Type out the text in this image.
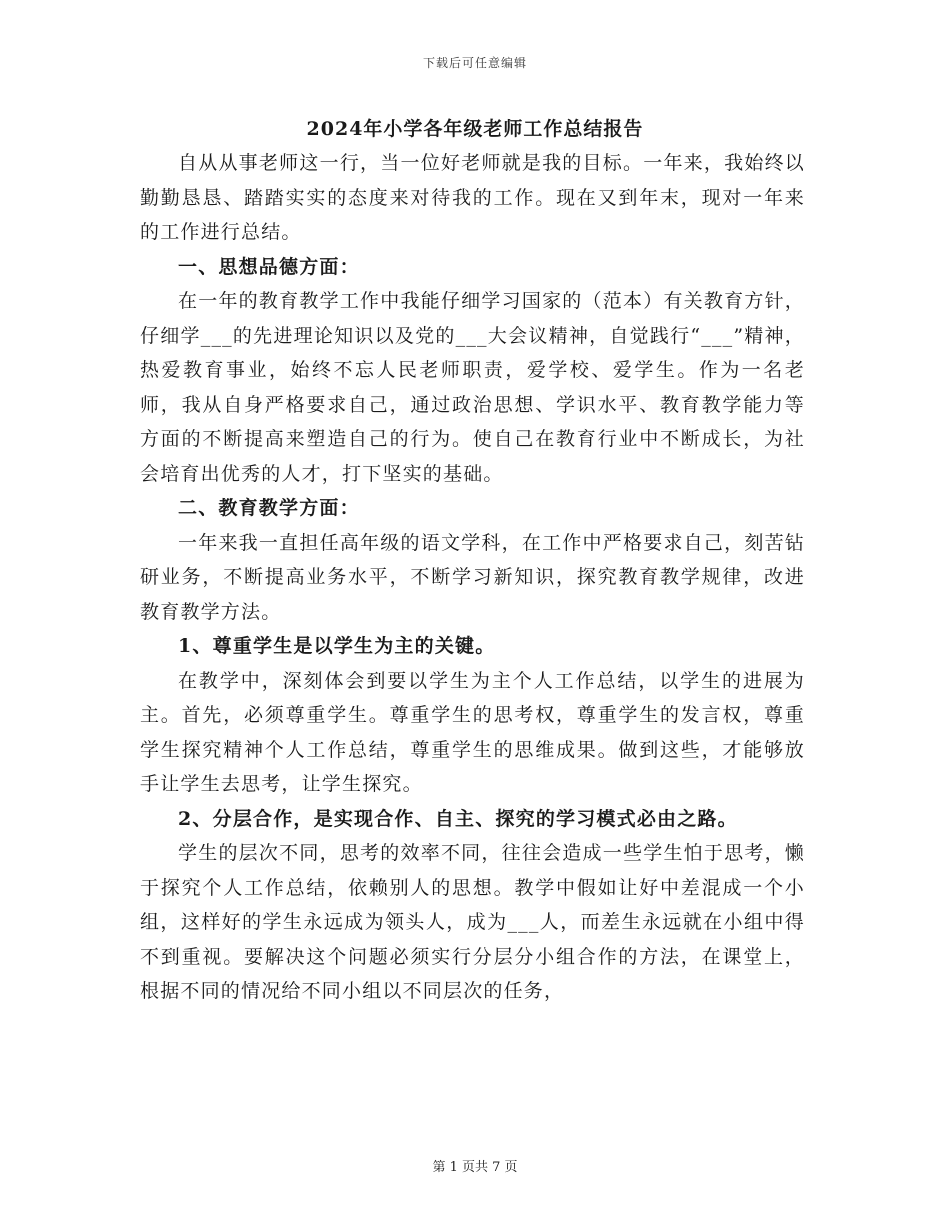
下载后可任意编辑
2024年小学各年级老师工作总结报告

自从从事老师这一行，当一位好老师就是我的目标。一年来，我始终以勤勤恳恳、踏踏实实的态度来对待我的工作。现在又到年末，现对一年来的工作进行总结。

一、思想品德方面：

在一年的教育教学工作中我能仔细学习国家的（范本）有关教育方针，仔细学___的先进理论知识以及党的___大会议精神，自觉践行“___”精神，热爱教育事业，始终不忘人民老师职责，爱学校、爱学生。作为一名老师，我从自身严格要求自己，通过政治思想、学识水平、教育教学能力等方面的不断提高来塑造自己的行为。使自己在教育行业中不断成长，为社会培育出优秀的人才，打下坚实的基础。

二、教育教学方面：

一年来我一直担任高年级的语文学科，在工作中严格要求自己，刻苦钻研业务，不断提高业务水平，不断学习新知识，探究教育教学规律，改进教育教学方法。

1、尊重学生是以学生为主的关键。

在教学中，深刻体会到要以学生为主个人工作总结，以学生的进展为主。首先，必须尊重学生。尊重学生的思考权，尊重学生的发言权，尊重学生探究精神个人工作总结，尊重学生的思维成果。做到这些，才能够放手让学生去思考，让学生探究。

2、分层合作，是实现合作、自主、探究的学习模式必由之路。

学生的层次不同，思考的效率不同，往往会造成一些学生怕于思考，懒于探究个人工作总结，依赖别人的思想。教学中假如让好中差混成一个小组，这样好的学生永远成为领头人，成为___人，而差生永远就在小组中得不到重视。要解决这个问题必须实行分层分小组合作的方法，在课堂上，根据不同的情况给不同小组以不同层次的任务，

第 1 页共 7 页
